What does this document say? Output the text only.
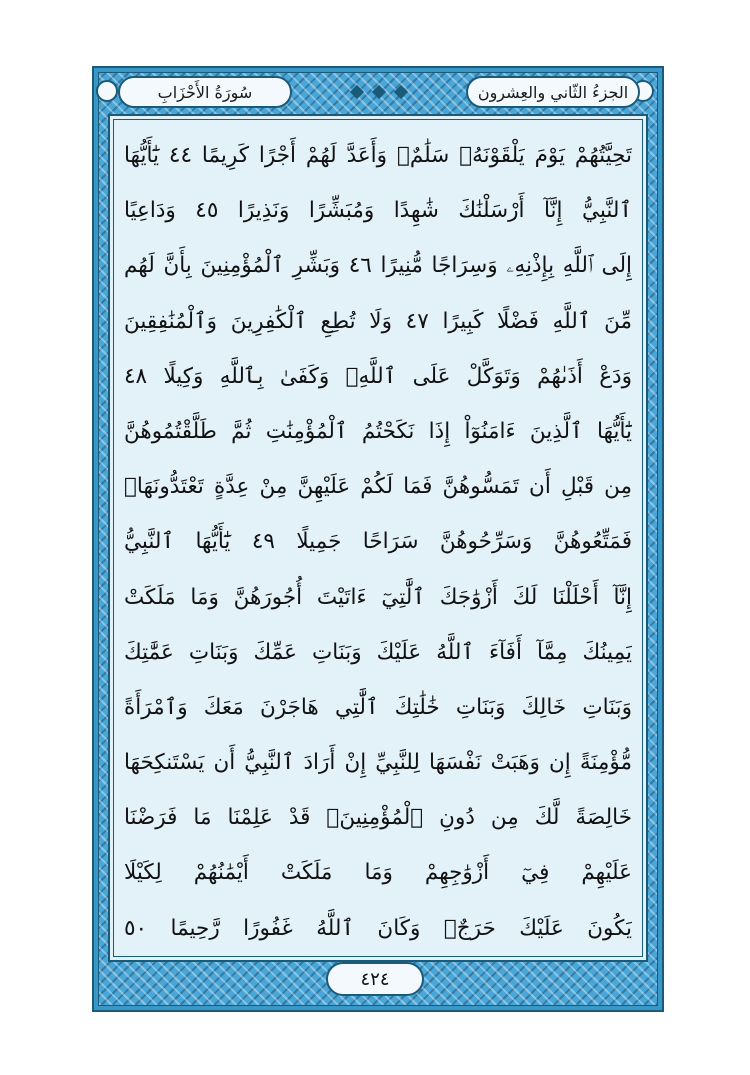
الجزءُ الثّاني والعِشرون
سُورَةُ الأَحْزَابِ
تَحِيَّتُهُمْ يَوْمَ يَلْقَوْنَهُۥ سَلَٰمٌۚ وَأَعَدَّ لَهُمْ أَجْرًا كَرِيمًا ٤٤ يَٰٓأَيُّهَا
ٱلنَّبِيُّ إِنَّآ أَرْسَلْنَٰكَ شَٰهِدًا وَمُبَشِّرًا وَنَذِيرًا ٤٥ وَدَاعِيًا
إِلَى ٱللَّهِ بِإِذْنِهِۦ وَسِرَاجًا مُّنِيرًا ٤٦ وَبَشِّرِ ٱلْمُؤْمِنِينَ بِأَنَّ لَهُم
مِّنَ ٱللَّهِ فَضْلًا كَبِيرًا ٤٧ وَلَا تُطِعِ ٱلْكَٰفِرِينَ وَٱلْمُنَٰفِقِينَ
وَدَعْ أَذَىٰهُمْ وَتَوَكَّلْ عَلَى ٱللَّهِۚ وَكَفَىٰ بِٱللَّهِ وَكِيلًا ٤٨
يَٰٓأَيُّهَا ٱلَّذِينَ ءَامَنُوٓاْ إِذَا نَكَحْتُمُ ٱلْمُؤْمِنَٰتِ ثُمَّ طَلَّقْتُمُوهُنَّ
مِن قَبْلِ أَن تَمَسُّوهُنَّ فَمَا لَكُمْ عَلَيْهِنَّ مِنْ عِدَّةٍ تَعْتَدُّونَهَاۖ
فَمَتِّعُوهُنَّ وَسَرِّحُوهُنَّ سَرَاحًا جَمِيلًا ٤٩ يَٰٓأَيُّهَا ٱلنَّبِيُّ
إِنَّآ أَحْلَلْنَا لَكَ أَزْوَٰجَكَ ٱلَّٰتِيٓ ءَاتَيْتَ أُجُورَهُنَّ وَمَا مَلَكَتْ
يَمِينُكَ مِمَّآ أَفَآءَ ٱللَّهُ عَلَيْكَ وَبَنَاتِ عَمِّكَ وَبَنَاتِ عَمَّٰتِكَ
وَبَنَاتِ خَالِكَ وَبَنَاتِ خَٰلَٰتِكَ ٱلَّٰتِي هَاجَرْنَ مَعَكَ وَٱمْرَأَةً
مُّؤْمِنَةً إِن وَهَبَتْ نَفْسَهَا لِلنَّبِيِّ إِنْ أَرَادَ ٱلنَّبِيُّ أَن يَسْتَنكِحَهَا
خَالِصَةً لَّكَ مِن دُونِ ٱلْمُؤْمِنِينَۗ قَدْ عَلِمْنَا مَا فَرَضْنَا
عَلَيْهِمْ فِيٓ أَزْوَٰجِهِمْ وَمَا مَلَكَتْ أَيْمَٰنُهُمْ لِكَيْلَا
يَكُونَ عَلَيْكَ حَرَجٌۗ وَكَانَ ٱللَّهُ غَفُورًا رَّحِيمًا ٥٠
٤٢٤
